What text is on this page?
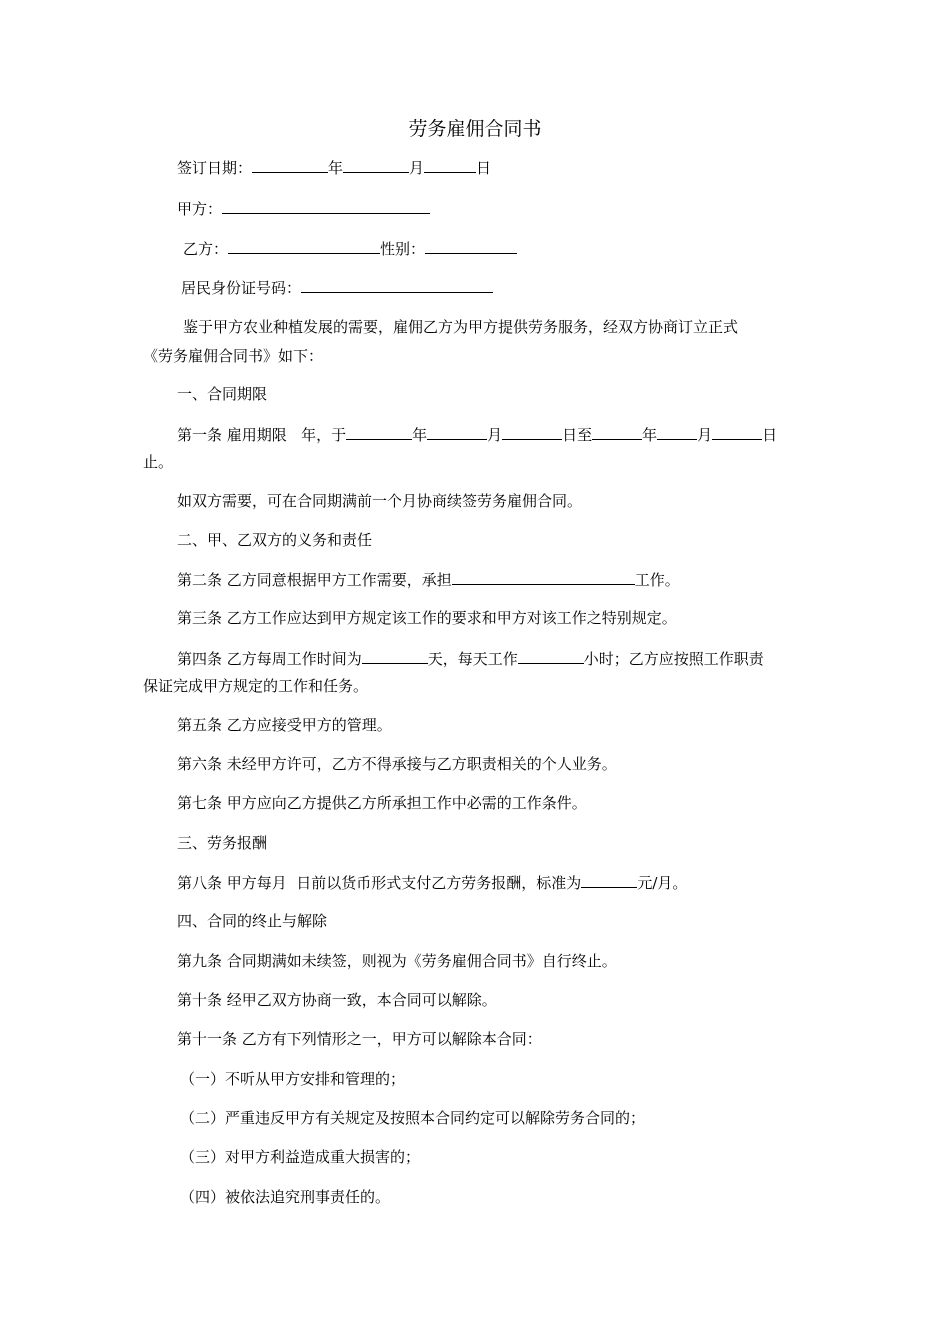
劳务雇佣合同书
签订日期：	年	月	日
甲方：
乙方：	性别：
居民身份证号码：
鉴于甲方农业种植发展的需要，雇佣乙方为甲方提供劳务服务，经双方协商订立正式
《劳务雇佣合同书》如下：
一、合同期限
第一条 雇用期限   年，于	年	月	日至	年	月	日
止。
如双方需要，可在合同期满前一个月协商续签劳务雇佣合同。
二、甲、乙双方的义务和责任
第二条 乙方同意根据甲方工作需要，承担	工作。
第三条 乙方工作应达到甲方规定该工作的要求和甲方对该工作之特别规定。
第四条 乙方每周工作时间为	天，每天工作	小时；乙方应按照工作职责
保证完成甲方规定的工作和任务。
第五条 乙方应接受甲方的管理。
第六条 未经甲方许可，乙方不得承接与乙方职责相关的个人业务。
第七条 甲方应向乙方提供乙方所承担工作中必需的工作条件。
三、劳务报酬
第八条 甲方每月  日前以货币形式支付乙方劳务报酬，标准为	元/月。
四、合同的终止与解除
第九条 合同期满如未续签，则视为《劳务雇佣合同书》自行终止。
第十条 经甲乙双方协商一致，本合同可以解除。
第十一条 乙方有下列情形之一，甲方可以解除本合同：
（一）不听从甲方安排和管理的；
（二）严重违反甲方有关规定及按照本合同约定可以解除劳务合同的；
（三）对甲方利益造成重大损害的；
（四）被依法追究刑事责任的。
